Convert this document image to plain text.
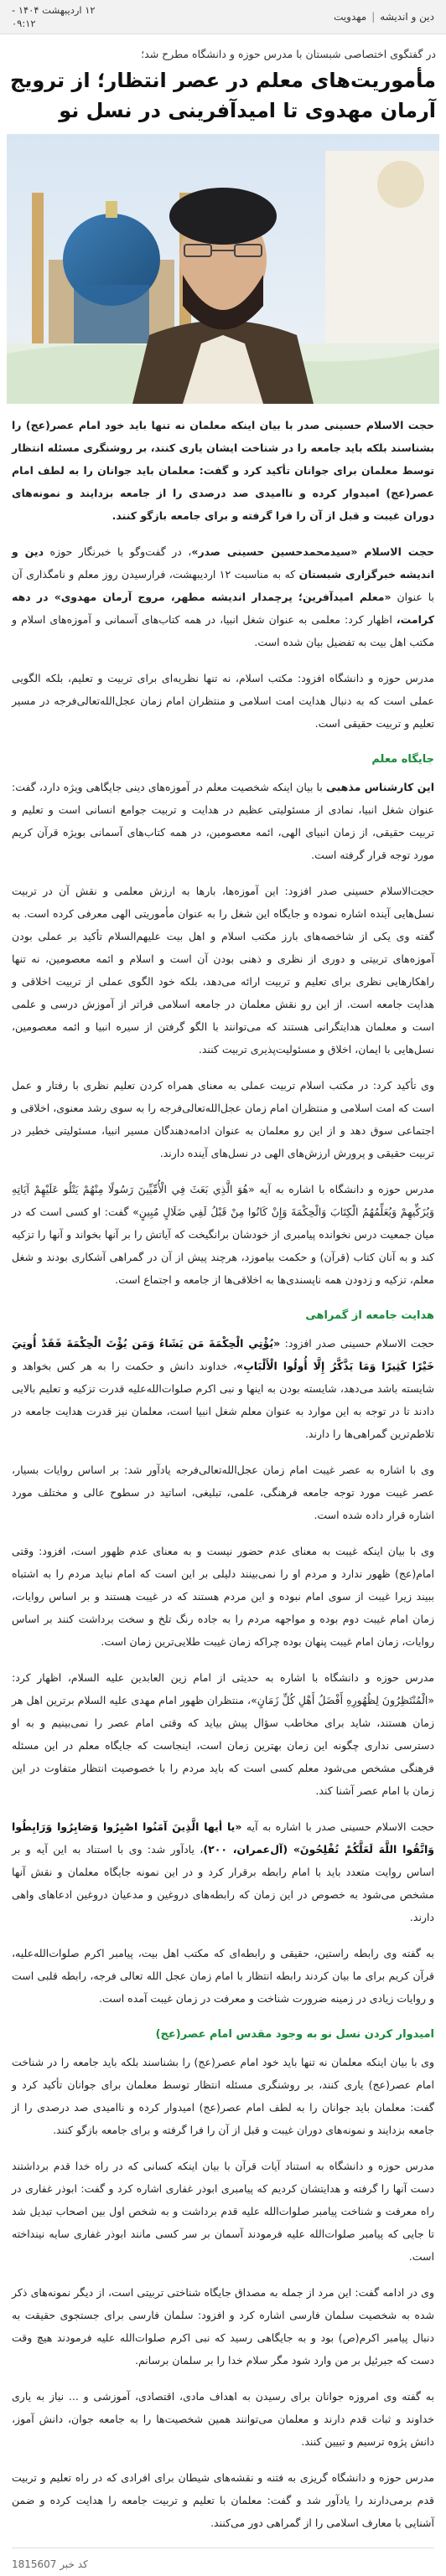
دین و اندیشه
|
مهدویت
۱۲ اردیبهشت ۱۴۰۴ -
۰۹:۱۲
در گفتگوی اختصاصی شبستان با مدرس حوزه و دانشگاه مطرح شد؛
مأموریت‌های معلم در عصر انتظار؛ از ترویج آرمان مهدوی تا امیدآفرینی در نسل نو

حجت الاسلام حسینی صدر با بیان اینکه معلمان نه تنها باید خود امام عصر(عج) را بشناسند بلکه باید جامعه را در شناخت ایشان یاری کنند، بر روشنگری مسئله انتظار توسط معلمان برای جوانان تأکید کرد و گفت: معلمان باید جوانان را به لطف امام عصر(عج) امیدوار کرده و ناامیدی صد درصدی را از جامعه بزدایند و نمونه‌های دوران غیبت و قبل از آن را فرا گرفته و برای جامعه بازگو کنند.

حجت الاسلام «سیدمحمدحسین حسینی صدر»، در گفت‌وگو با خبرنگار حوزه دین و اندیشه خبرگزاری شبستان که به مناسبت ۱۲ اردیبهشت، فرارسیدن روز معلم و نامگذاری آن با عنوان «معلم امیدآفرین؛ پرچمدار اندیشه مطهر، مروج آرمان مهدوی» در دهه کرامت، اظهار کرد: معلمی به عنوان شغل انبیا، در همه کتاب‌های آسمانی و آموزه‌های اسلام و مکتب اهل بیت به تفضیل بیان شده است.

مدرس حوزه و دانشگاه افزود: مکتب اسلام، نه تنها نظریه‌ای برای تربیت و تعلیم، بلکه الگویی عملی است که به دنبال هدایت امت اسلامی و منتظران امام زمان عجل‌الله‌تعالی‌فرجه در مسیر تعلیم و تربیت حقیقی است.

جایگاه معلم

این کارشناس مذهبی با بیان اینکه شخصیت معلم در آموزه‌های دینی جایگاهی ویژه دارد، گفت: عنوان شغل انبیا، نمادی از مسئولیتی عظیم در هدایت و تربیت جوامع انسانی است و تعلیم و تربیت حقیقی، از زمان انبیای الهی، ائمه معصومین، در همه کتاب‌های آسمانی بویژه قرآن کریم مورد توجه قرار گرفته است.

حجت‌الاسلام حسینی صدر افزود: این آموزه‌ها، بارها به ارزش معلمی و نقش آن در تربیت نسل‌هایی آینده اشاره نموده و جایگاه این شغل را به عنوان مأموریتی الهی معرفی کرده است. به گفته وی یکی از شاخصه‌های بارز مکتب اسلام و اهل بیت علیهم‌السلام تأکید بر عملی بودن آموزه‌های تربیتی و دوری از نظری و ذهنی بودن آن است و اسلام و ائمه معصومین، نه تنها راهکارهایی نظری برای تعلیم و تربیت ارائه می‌دهد، بلکه خود الگوی عملی از تربیت اخلاقی و هدایت جامعه است. از این رو نقش معلمان در جامعه اسلامی فراتر از آموزش درسی و علمی است و معلمان هدایتگرانی هستند که می‌توانند با الگو گرفتن از سیره انبیا و ائمه معصومین، نسل‌هایی با ایمان، اخلاق و مسئولیت‌پذیری تربیت کنند.

وی تأکید کرد: در مکتب اسلام تربیت عملی به معنای همراه کردن تعلیم نظری با رفتار و عمل است که امت اسلامی و منتظران امام زمان عجل‌الله‌تعالی‌فرجه را به سوی رشد معنوی، اخلاقی و اجتماعی سوق دهد و از این رو معلمان به عنوان ادامه‌دهندگان مسیر انبیا، مسئولیتی خطیر در تربیت حقیقی و پرورش ارزش‌های الهی در نسل‌های آینده دارند.

مدرس حوزه و دانشگاه با اشاره به آیه «هُوَ الَّذِي بَعَثَ فِي الْأُمِّيِّينَ رَسُولًا مِنْهُمْ يَتْلُو عَلَيْهِمْ آيَاتِهِ وَيُزَكِّيهِمْ وَيُعَلِّمُهُمُ الْكِتَابَ وَالْحِكْمَةَ وَإِنْ كَانُوا مِنْ قَبْلُ لَفِي ضَلَالٍ مُبِينٍ» گفت: او کسی است که در میان جمعیت درس نخوانده پیامبری از خودشان برانگیخت که آیاتش را بر آنها بخواند و آنها را تزکیه کند و به آنان کتاب (قرآن) و حکمت بیاموزد، هرچند پیش از آن در گمراهی آشکاری بودند و شغل معلم، تزکیه و زدودن همه ناپسندی‌ها به اخلاقی‌ها از جامعه و اجتماع است.

هدایت جامعه از گمراهی

حجت الاسلام حسینی صدر افزود: «يُؤْتِي الْحِكْمَةَ مَن يَشَاءُ وَمَن يُؤْتَ الْحِكْمَةَ فَقَدْ أُوتِيَ خَيْرًا كَثِيرًا وَمَا يَذَّكَّرُ إِلَّا أُولُوا الْأَلْبَابِ»، خداوند دانش و حکمت را به هر کس بخواهد و شایسته باشد می‌دهد، شایسته بودن به اینها و نبی اکرم صلوات‌الله‌علیه قدرت تزکیه و تعلیم بالایی دادند تا در توجه به این موارد به عنوان معلم شغل انبیا است، معلمان نیز قدرت هدایت جامعه در تلاطم‌ترین گمراهی‌ها را دارند.

وی با اشاره به عصر غیبت امام زمان عجل‌الله‌تعالی‌فرجه یادآور شد: بر اساس روایات بسیار، عصر غیبت مورد توجه جامعه فرهنگی، علمی، تبلیغی، اساتید در سطوح عالی و مختلف مورد اشاره قرار داده شده است.

وی با بیان اینکه غیبت به معنای عدم حضور نیست و به معنای عدم ظهور است، افزود: وقتی امام(عج) ظهور ندارد و مردم او را نمی‌بینند دلیلی بر این است که امام نباید مردم را به اشتباه ببیند زیرا غیبت از سوی امام نبوده و این مردم هستند که در غیبت هستند و بر اساس روایات، زمان امام غیبت دوم بوده و مواجهه مردم را به جاده رنگ تلخ و سخت برداشت کنند بر اساس روایات، زمان امام غیبت پنهان بوده چراکه زمان غیبت طلایی‌ترین زمان است.

مدرس حوزه و دانشگاه با اشاره به حدیثی از امام زین العابدین علیه السلام، اظهار کرد: «الْمُنْتَظِرُونَ لِظُهُورِهِ أَفْضَلُ أَهْلِ كُلِّ زَمَانٍ»، منتظران ظهور امام مهدی علیه السلام برترین اهل هر زمان هستند، شاید برای مخاطب سؤال پیش بیاید که وقتی امام عصر را نمی‌بینیم و به او دسترسی نداری چگونه این زمان بهترین زمان است، اینجاست که جایگاه معلم در این مسئله فرهنگی مشخص می‌شود معلم کسی است که باید مردم را با خصوصیت انتظار متفاوت در این زمان با امام عصر آشنا کند.

حجت الاسلام حسینی صدر با اشاره به آیه «یا أیها الَّذِینَ آمَنُوا اصْبِرُوا وَصَابِرُوا وَرَابِطُوا وَاتَّقُوا اللَّهَ لَعَلَّكُمْ تُفْلِحُونَ» (آل‌عمران، ۲۰۰)، یادآور شد: وی با استناد به این آیه و بر اساس روایت متعدد باید با امام رابطه برقرار کرد و در این نمونه جایگاه معلمان و نقش آنها مشخص می‌شود به خصوص در این زمان که رابطه‌های دروغین و مدعیان دروغین ادعاهای واهی دارند.

به گفته وی رابطه راستین، حقیقی و رابطه‌ای که مکتب اهل بیت، پیامبر اکرم صلوات‌الله‌علیه، قرآن کریم برای ما بیان کردند رابطه انتظار با امام زمان عجل الله تعالی فرجه، رابطه قلبی است و روایات زیادی در زمینه ضرورت شناخت و معرفت در زمان غیبت آمده است.

امیدوار کردن نسل نو به وجود مقدس امام عصر(عج)

وی با بیان اینکه معلمان نه تنها باید خود امام عصر(عج) را بشناسند بلکه باید جامعه را در شناخت امام عصر(عج) یاری کنند، بر روشنگری مسئله انتظار توسط معلمان برای جوانان تأکید کرد و گفت: معلمان باید جوانان را به لطف امام عصر(عج) امیدوار کرده و ناامیدی صد درصدی را از جامعه بزدایند و نمونه‌های دوران غیبت و قبل از آن را فرا گرفته و برای جامعه بازگو کنند.

مدرس حوزه و دانشگاه به استناد آیات قرآن با بیان اینکه کسانی که در راه خدا قدم برداشتند دست آنها را گرفته و هدایتشان کردیم که پیامبری ابوذر غفاری اشاره کرد و گفت: ابوذر غفاری در راه معرفت و شناخت پیامبر صلوات‌الله علیه قدم برداشت و به شخص اول بین اصحاب تبدیل شد تا جایی که پیامبر صلوات‌الله علیه فرمودند آسمان بر سر کسی مانند ابوذر غفاری سایه نینداخته است.

وی در ادامه گفت: این مرد از جمله به مصداق جایگاه شناختی تربیتی است، از دیگر نمونه‌های ذکر شده به شخصیت سلمان فارسی اشاره کرد و افزود: سلمان فارسی برای جستجوی حقیقت به دنبال پیامبر اکرم(ص) بود و به جایگاهی رسید که نبی اکرم صلوات‌الله علیه فرمودند هیچ وقت دست که جبرئیل بر من وارد شود مگر سلام خدا را بر سلمان برسانم.

به گفته وی امروزه جوانان برای رسیدن به اهداف مادی، اقتصادی، آموزشی و ... نیاز به یاری خداوند و ثبات قدم دارند و معلمان می‌توانند همین شخصیت‌ها را به جامعه جوان، دانش آموز، دانش پژوه ترسیم و تبیین کنند.

مدرس حوزه و دانشگاه گریزی به فتنه و نقشه‌های شیطان برای افرادی که در راه تعلیم و تربیت قدم برمی‌دارند را یادآور شد و گفت: معلمان با تعلیم و تربیت جامعه را هدایت کرده و ضمن آشنایی با معارف اسلامی را از گمراهی دور می‌کنند.

کد خبر 1815607
